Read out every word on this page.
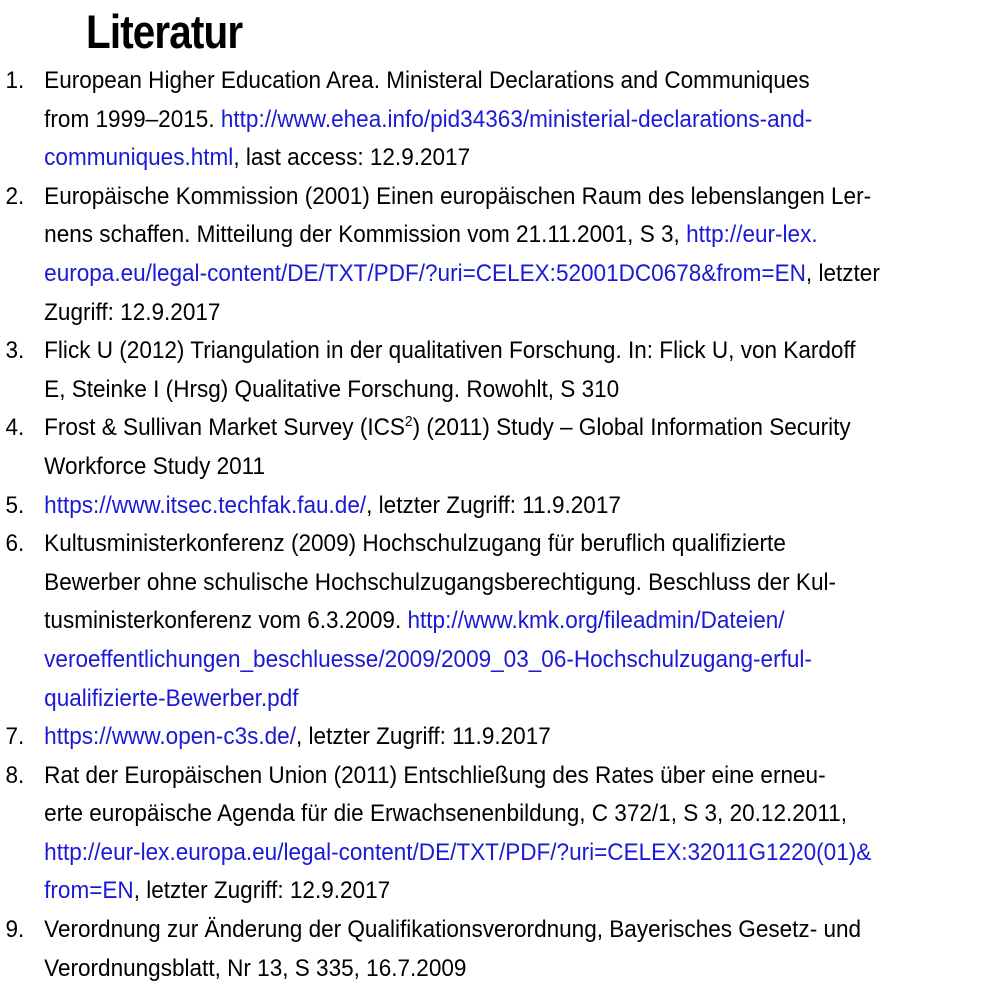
Literatur
1. European Higher Education Area. Ministeral Declarations and Communiques
from 1999–2015. http://www.ehea.info/pid34363/ministerial-declarations-and-
communiques.html, last access: 12.9.2017
2. Europäische Kommission (2001) Einen europäischen Raum des lebenslangen Ler-
nens schaffen. Mitteilung der Kommission vom 21.11.2001, S 3, http://eur-lex.
europa.eu/legal-content/DE/TXT/PDF/?uri=CELEX:52001DC0678&from=EN, letzter
Zugriff: 12.9.2017
3. Flick U (2012) Triangulation in der qualitativen Forschung. In: Flick U, von Kardoff
E, Steinke I (Hrsg) Qualitative Forschung. Rowohlt, S 310
4. Frost & Sullivan Market Survey (ICS$^2$) (2011) Study – Global Information Security
Workforce Study 2011
5. https://www.itsec.techfak.fau.de/, letzter Zugriff: 11.9.2017
6. Kultusministerkonferenz (2009) Hochschulzugang für beruflich qualifizierte
Bewerber ohne schulische Hochschulzugangsberechtigung. Beschluss der Kul-
tusministerkonferenz vom 6.3.2009. http://www.kmk.org/fileadmin/Dateien/
veroeffentlichungen_beschluesse/2009/2009_03_06-Hochschulzugang-erful-
qualifizierte-Bewerber.pdf
7. https://www.open-c3s.de/, letzter Zugriff: 11.9.2017
8. Rat der Europäischen Union (2011) Entschließung des Rates über eine erneu-
erte europäische Agenda für die Erwachsenenbildung, C 372/1, S 3, 20.12.2011,
http://eur-lex.europa.eu/legal-content/DE/TXT/PDF/?uri=CELEX:32011G1220(01)&
from=EN, letzter Zugriff: 12.9.2017
9. Verordnung zur Änderung der Qualifikationsverordnung, Bayerisches Gesetz- und
Verordnungsblatt, Nr 13, S 335, 16.7.2009
